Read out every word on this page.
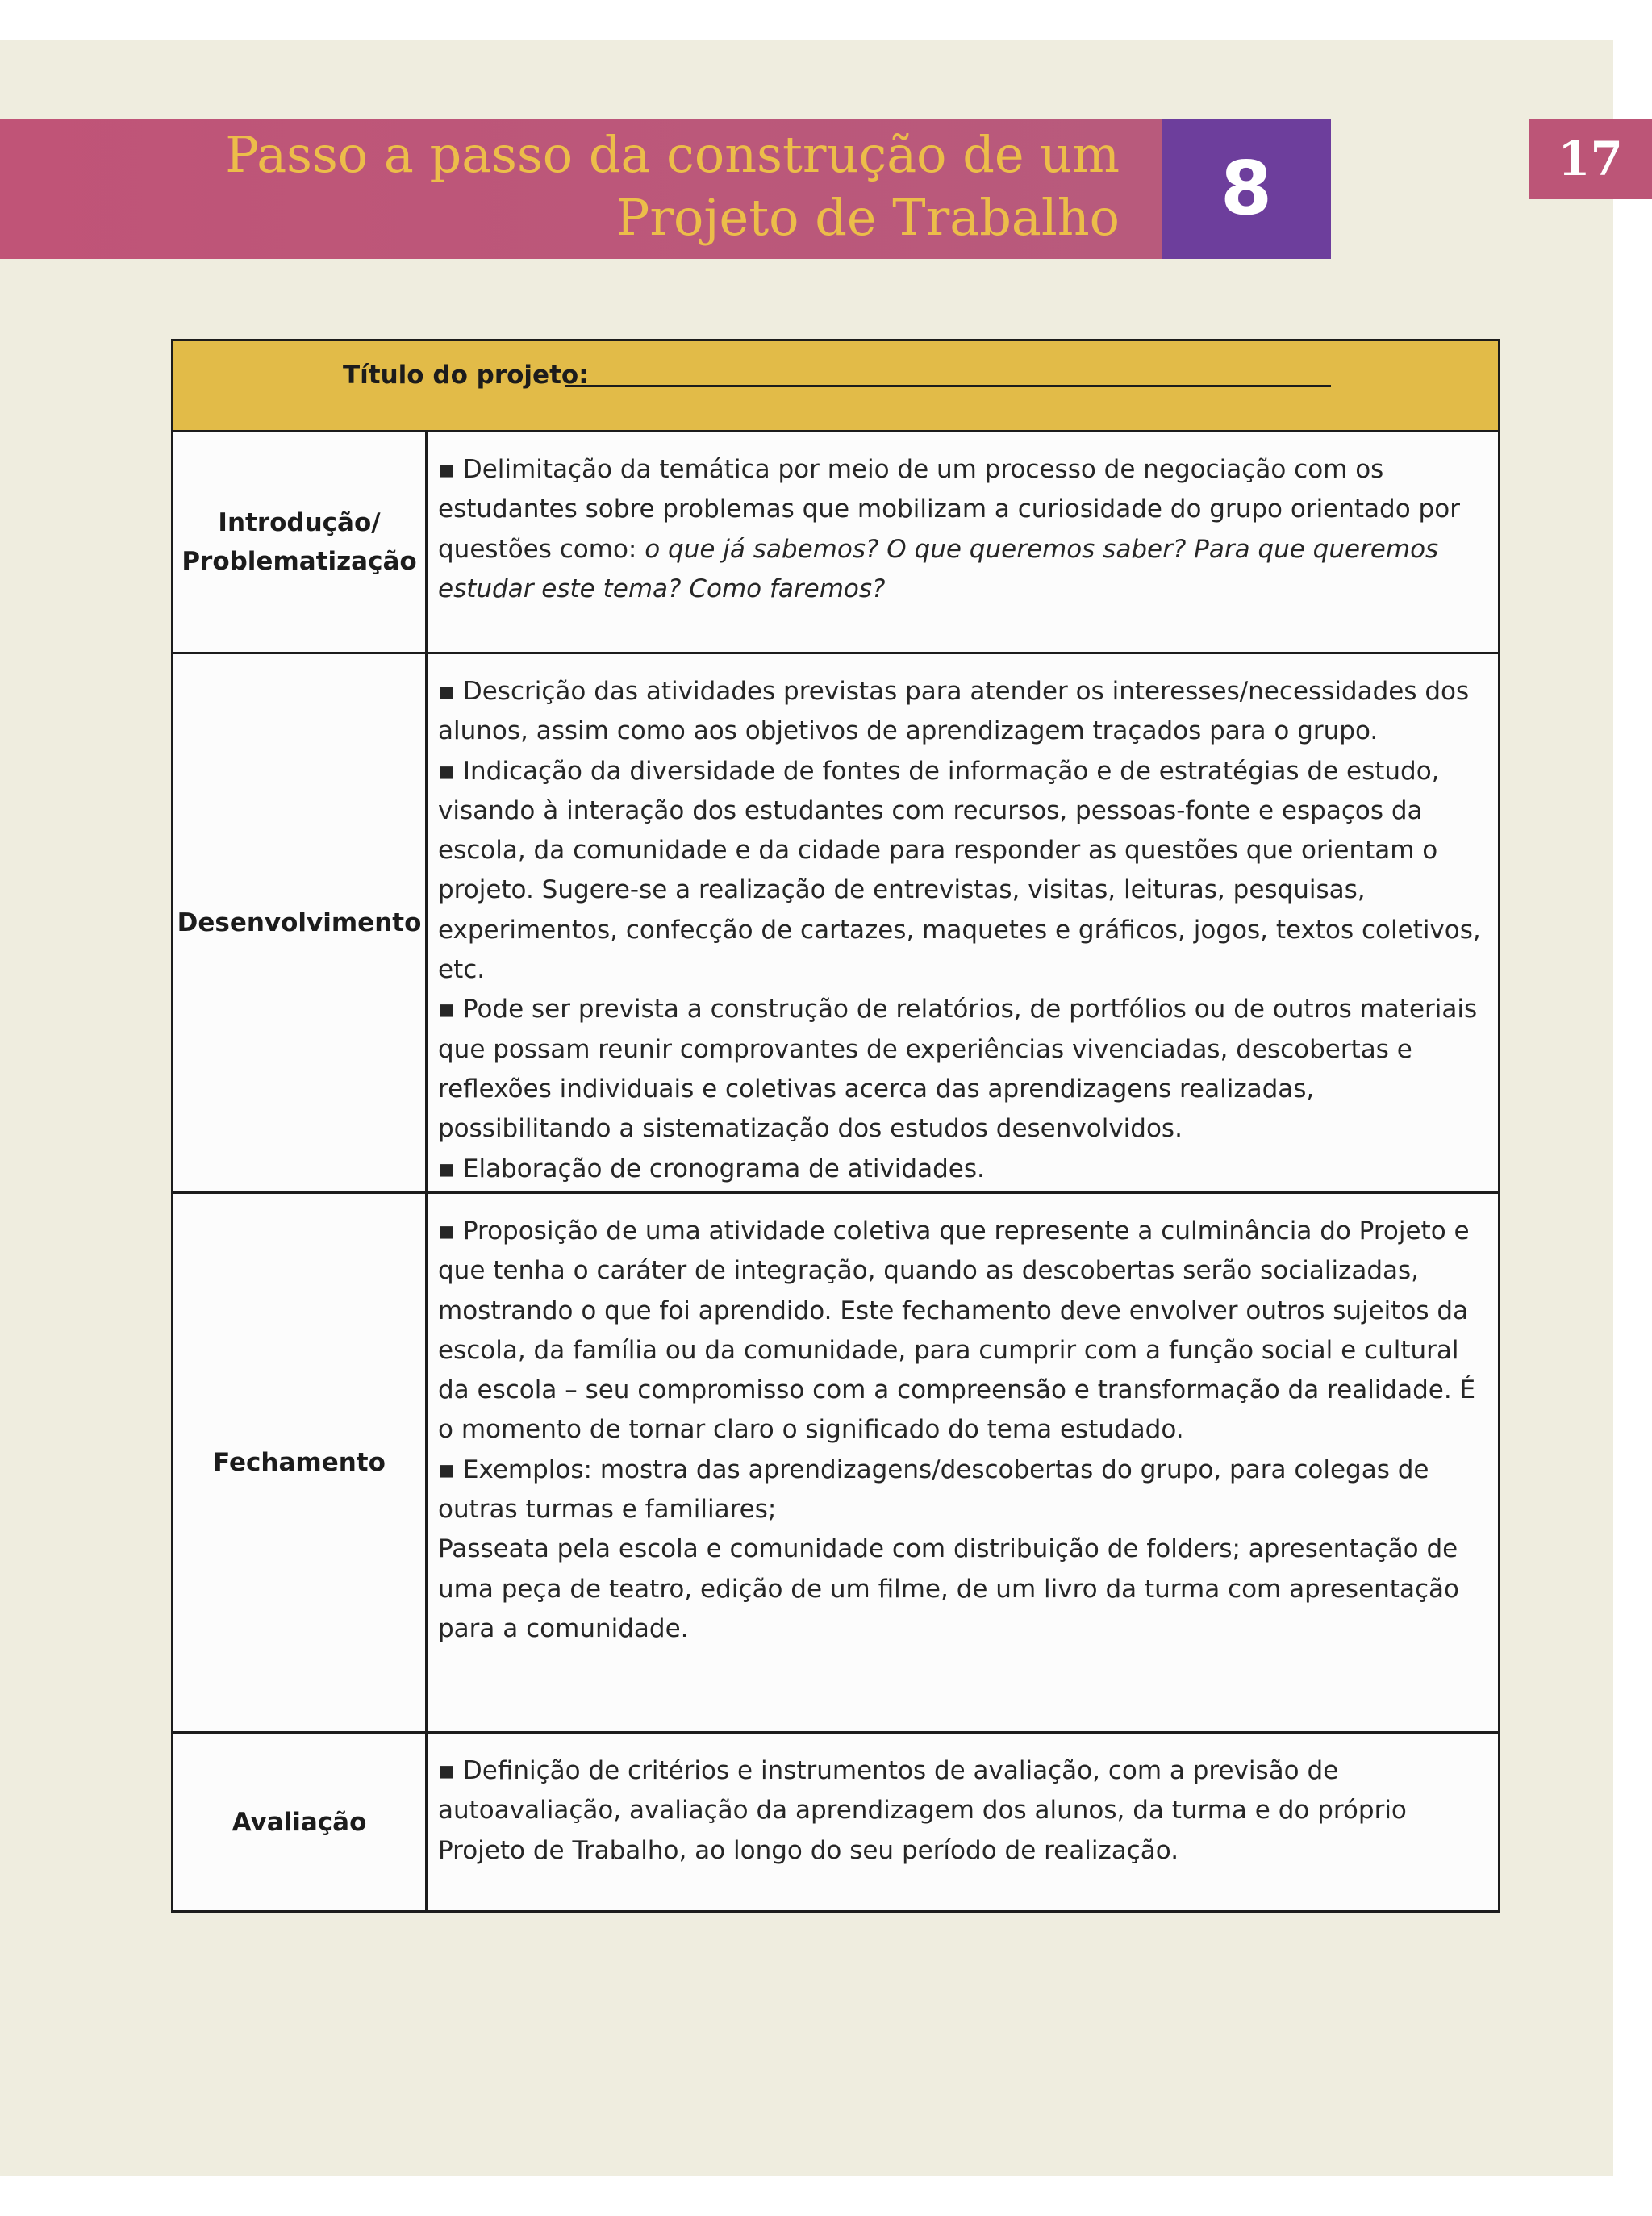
Passo a passo da construção de um
Projeto de Trabalho 8	17
Título do projeto:
Introdução/
Problematização

▪ Delimitação da temática por meio de um processo de negociação com os estudantes sobre problemas que mobilizam a curiosidade do grupo orientado por questões como: o que já sabemos? O que queremos saber? Para que queremos estudar este tema? Como faremos?

Desenvolvimento

▪ Descrição das atividades previstas para atender os interesses/necessidades dos alunos, assim como aos objetivos de aprendizagem traçados para o grupo.

▪ Indicação da diversidade de fontes de informação e de estratégias de estudo, visando à interação dos estudantes com recursos, pessoas-fonte e espaços da escola, da comunidade e da cidade para responder as questões que orientam o projeto. Sugere-se a realização de entrevistas, visitas, leituras, pesquisas, experimentos, confecção de cartazes, maquetes e gráficos, jogos, textos coletivos, etc.

▪ Pode ser prevista a construção de relatórios, de portfólios ou de outros materiais que possam reunir comprovantes de experiências vivenciadas, descobertas e reflexões individuais e coletivas acerca das aprendizagens realizadas, possibilitando a sistematização dos estudos desenvolvidos.

▪ Elaboração de cronograma de atividades.

Fechamento

▪ Proposição de uma atividade coletiva que represente a culminância do Projeto e que tenha o caráter de integração, quando as descobertas serão socializadas, mostrando o que foi aprendido. Este fechamento deve envolver outros sujeitos da escola, da família ou da comunidade, para cumprir com a função social e cultural da escola – seu compromisso com a compreensão e transformação da realidade. É o momento de tornar claro o significado do tema estudado.

▪ Exemplos: mostra das aprendizagens/descobertas do grupo, para colegas de outras turmas e familiares;

Passeata pela escola e comunidade com distribuição de folders; apresentação de uma peça de teatro, edição de um filme, de um livro da turma com apresentação para a comunidade.

Avaliação

▪ Definição de critérios e instrumentos de avaliação, com a previsão de autoavaliação, avaliação da aprendizagem dos alunos, da turma e do próprio Projeto de Trabalho, ao longo do seu período de realização.
